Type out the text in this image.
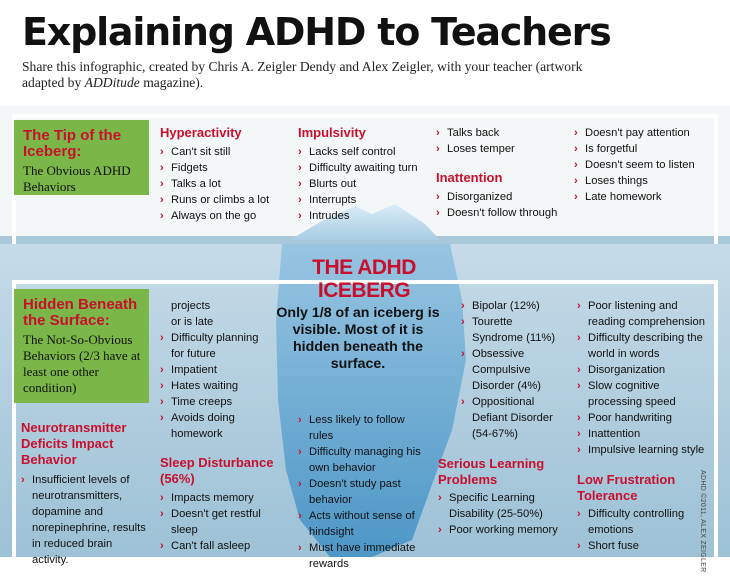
Explaining ADHD to Teachers

Share this infographic, created by Chris A. Zeigler Dendy and Alex Zeigler, with your teacher (artwork adapted by ADDitude magazine).

The Tip of the Iceberg:
The Obvious ADHD Behaviors
Hidden Beneath the Surface:
The Not-So-Obvious Behaviors (2/3 have at least one other condition)
Hyperactivity
› Can't sit still
› Fidgets
› Talks a lot
› Runs or climbs a lot
› Always on the go
Impulsivity
› Lacks self control
› Difficulty awaiting turn
› Blurts out
› Interrupts
› Intrudes
› Talks back
› Loses temper
Inattention
› Disorganized
› Doesn't follow through
› Doesn't pay attention
› Is forgetful
› Doesn't seem to listen
› Loses things
› Late homework
THE ADHD ICEBERG
Only 1/8 of an iceberg is visible. Most of it is hidden beneath the surface.
projects
or is late
› Difficulty planning for future
› Impatient
› Hates waiting
› Time creeps
› Avoids doing homework
Neurotransmitter Deficits Impact Behavior
› Insufficient levels of neurotransmitters, dopamine and norepinephrine, results in reduced brain activity.
Sleep Disturbance (56%)
› Impacts memory
› Doesn't get restful sleep
› Can't fall asleep
› Less likely to follow rules
› Difficulty managing his own behavior
› Doesn't study past behavior
› Acts without sense of hindsight
› Must have immediate rewards
› Bipolar (12%)
› Tourette Syndrome (11%)
› Obsessive Compulsive Disorder (4%)
› Oppositional Defiant Disorder (54-67%)
Serious Learning Problems
› Specific Learning Disability (25-50%)
› Poor working memory
› Poor listening and reading comprehension
› Difficulty describing the world in words
› Disorganization
› Slow cognitive processing speed
› Poor handwriting
› Inattention
› Impulsive learning style
Low Frustration Tolerance
› Difficulty controlling emotions
› Short fuse	ADHD ©2011, ALEX ZEIGLER
